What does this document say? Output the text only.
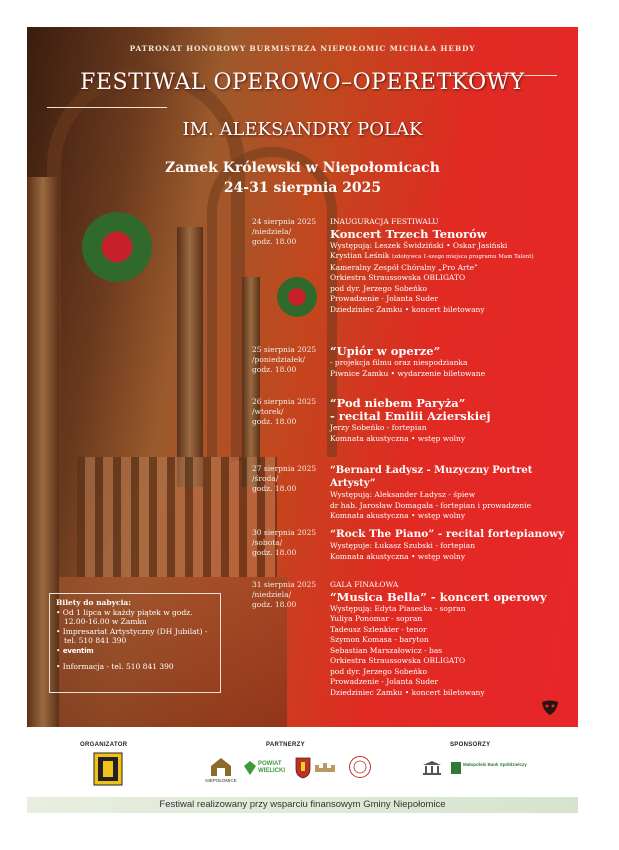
PATRONAT HONOROWY BURMISTRZA NIEPOŁOMIC MICHAŁA HEBDY
FESTIWAL OPEROWO–OPERETKOWY
IM. ALEKSANDRY POLAK
Zamek Królewski w Niepołomicach
24-31 sierpnia 2025
24 sierpnia 2025
/niedziela/
godz. 18.00
INAUGURACJA FESTIWALU
Koncert Trzech Tenorów
Występują: Leszek Świdziński • Oskar Jasiński
Krystian Leśnik (zdobywca 1-szego miejsca programu Mam Talent)
Kameralny Zespół Chóralny „Pro Arte”
Orkiestra Straussowska OBLIGATO
pod dyr. Jerzego Sobeńko
Prowadzenie - Jolanta Suder
Dziedziniec Zamku • koncert biletowany
25 sierpnia 2025
/poniedziałek/
godz. 18.00
“Upiór w operze”
- projekcja filmu oraz niespodzianka
Piwnice Zamku • wydarzenie biletowane
26 sierpnia 2025
/wtorek/
godz. 18.00
“Pod niebem Paryża”
- recital Emilii Azierskiej
Jerzy Sobeńko - fortepian
Komnata akustyczna • wstęp wolny
27 sierpnia 2025
/środa/
godz. 18.00
“Bernard Ładysz - Muzyczny Portret Artysty”
Występują: Aleksander Ładysz - śpiew
dr hab. Jarosław Domagała - fortepian i prowadzenie
Komnata akustyczna • wstęp wolny
30 sierpnia 2025
/sobota/
godz. 18.00
“Rock The Piano” - recital fortepianowy
Występuje: Łukasz Szubski - fortepian
Komnata akustyczna • wstęp wolny
31 sierpnia 2025
/niedziela/
godz. 18.00
GALA FINAŁOWA
“Musica Bella” - koncert operowy
Występują: Edyta Piasecka - sopran
Yuliya Ponomar - sopran
Tadeusz Szlenkier - tenor
Szymon Komasa - baryton
Sebastian Marszałowicz - bas
Orkiestra Straussowska OBLIGATO
pod dyr. Jerzego Sobeńko
Prowadzenie - Jolanta Suder
Dziedziniec Zamku • koncert biletowany
Bilety do nabycia:
• Od 1 lipca w każdy piątek w godz. 12.00-16.00 w Zamku
• Impresariat Artystyczny (DH Jubilat) - tel. 510 841 390
• eventim
• Informacja - tel. 510 841 390
ORGANIZATOR	PARTNERZY	SPONSORZY
NIEPOŁOMICE
POWIAT WIELICKI
Małopolski Bank Spółdzielczy
Festiwal realizowany przy wsparciu finansowym Gminy Niepołomice
